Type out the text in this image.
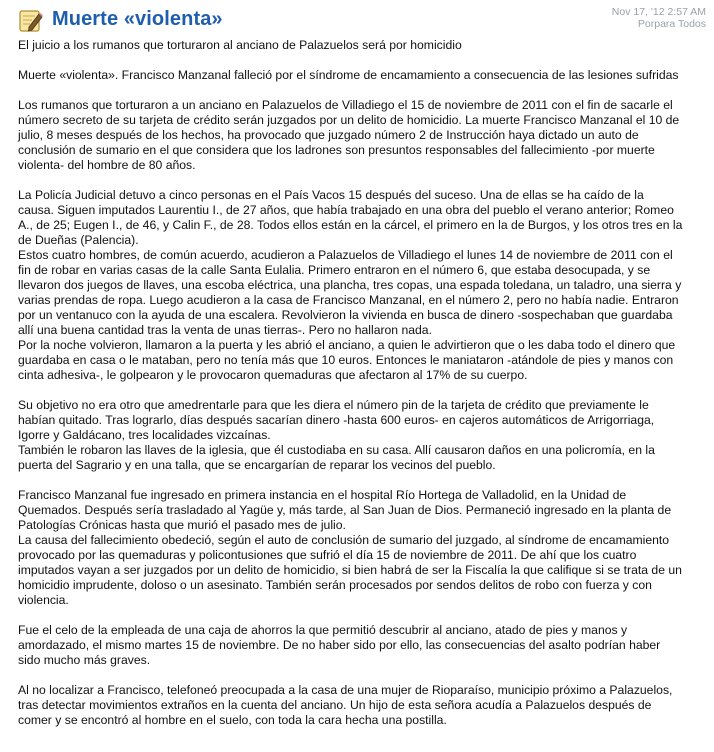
Muerte «violenta»	Nov 17, '12 2:57 AM
Porpara Todos

El juicio a los rumanos que torturaron al anciano de Palazuelos será por homicidio

Muerte «violenta». Francisco Manzanal falleció por el síndrome de encamamiento a consecuencia de las lesiones sufridas

Los rumanos que torturaron a un anciano en Palazuelos de Villadiego el 15 de noviembre de 2011 con el fin de sacarle el número secreto de su tarjeta de crédito serán juzgados por un delito de homicidio. La muerte Francisco Manzanal el 10 de julio, 8 meses después de los hechos, ha provocado que juzgado número 2 de Instrucción haya dictado un auto de conclusión de sumario en el que considera que los ladrones son presuntos responsables del fallecimiento -por muerte violenta- del hombre de 80 años.

La Policía Judicial detuvo a cinco personas en el País Vacos 15 después del suceso. Una de ellas se ha caído de la causa. Siguen imputados Laurentiu I., de 27 años, que había trabajado en una obra del pueblo el verano anterior; Romeo A., de 25; Eugen I., de 46, y Calin F., de 28. Todos ellos están en la cárcel, el primero en la de Burgos, y los otros tres en la de Dueñas (Palencia).
Estos cuatro hombres, de común acuerdo, acudieron a Palazuelos de Villadiego el lunes 14 de noviembre de 2011 con el fin de robar en varias casas de la calle Santa Eulalia. Primero entraron en el número 6, que estaba desocupada, y se llevaron dos juegos de llaves, una escoba eléctrica, una plancha, tres copas, una espada toledana, un taladro, una sierra y varias prendas de ropa. Luego acudieron a la casa de Francisco Manzanal, en el número 2, pero no había nadie. Entraron por un ventanuco con la ayuda de una escalera. Revolvieron la vivienda en busca de dinero -sospechaban que guardaba allí una buena cantidad tras la venta de unas tierras-. Pero no hallaron nada.
Por la noche volvieron, llamaron a la puerta y les abrió el anciano, a quien le advirtieron que o les daba todo el dinero que guardaba en casa o le mataban, pero no tenía más que 10 euros. Entonces le maniataron -atándole de pies y manos con cinta adhesiva-, le golpearon y le provocaron quemaduras que afectaron al 17% de su cuerpo.

Su objetivo no era otro que amedrentarle para que les diera el número pin de la tarjeta de crédito que previamente le habían quitado. Tras lograrlo, días después sacarían dinero -hasta 600 euros- en cajeros automáticos de Arrigorriaga, Igorre y Galdácano, tres localidades vizcaínas.
También le robaron las llaves de la iglesia, que él custodiaba en su casa. Allí causaron daños en una policromía, en la puerta del Sagrario y en una talla, que se encargarían de reparar los vecinos del pueblo.

Francisco Manzanal fue ingresado en primera instancia en el hospital Río Hortega de Valladolid, en la Unidad de Quemados. Después sería trasladado al Yagüe y, más tarde, al San Juan de Dios. Permaneció ingresado en la planta de Patologías Crónicas hasta que murió el pasado mes de julio.
La causa del fallecimiento obedeció, según el auto de conclusión de sumario del juzgado, al síndrome de encamamiento provocado por las quemaduras y policontusiones que sufrió el día 15 de noviembre de 2011. De ahí que los cuatro imputados vayan a ser juzgados por un delito de homicidio, si bien habrá de ser la Fiscalía la que califique si se trata de un homicidio imprudente, doloso o un asesinato. También serán procesados por sendos delitos de robo con fuerza y con violencia.

Fue el celo de la empleada de una caja de ahorros la que permitió descubrir al anciano, atado de pies y manos y amordazado, el mismo martes 15 de noviembre. De no haber sido por ello, las consecuencias del asalto podrían haber sido mucho más graves.

Al no localizar a Francisco, telefoneó preocupada a la casa de una mujer de Rioparaíso, municipio próximo a Palazuelos, tras detectar movimientos extraños en la cuenta del anciano. Un hijo de esta señora acudía a Palazuelos después de comer y se encontró al hombre en el suelo, con toda la cara hecha una postilla.
